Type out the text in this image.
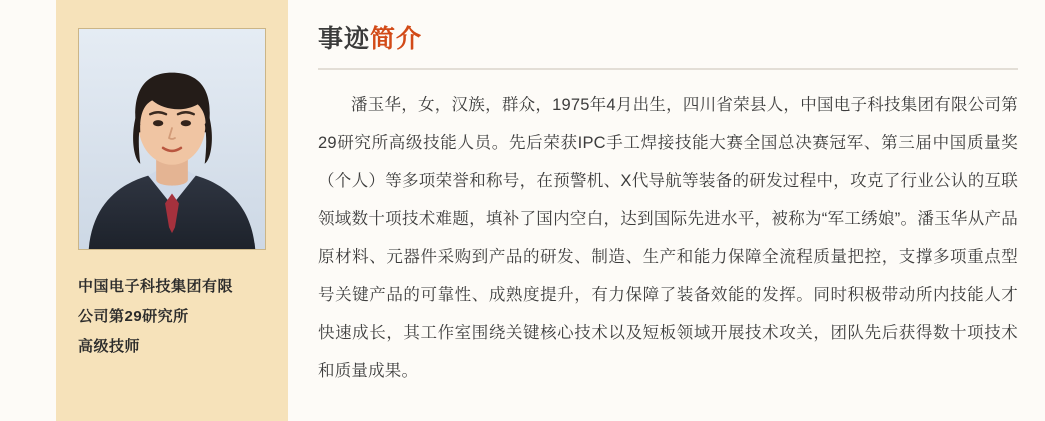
中国电子科技集团有限
公司第29研究所
高级技师
事迹简介

潘玉华，女，汉族，群众，1975年4月出生，四川省荣县人，中国电子科技集团有限公司第29研究所高级技能人员。先后荣获IPC手工焊接技能大赛全国总决赛冠军、第三届中国质量奖（个人）等多项荣誉和称号，在预警机、X代导航等装备的研发过程中，攻克了行业公认的互联领域数十项技术难题，填补了国内空白，达到国际先进水平，被称为“军工绣娘”。潘玉华从产品原材料、元器件采购到产品的研发、制造、生产和能力保障全流程质量把控，支撑多项重点型号关键产品的可靠性、成熟度提升，有力保障了装备效能的发挥。同时积极带动所内技能人才快速成长，其工作室围绕关键核心技术以及短板领域开展技术攻关，团队先后获得数十项技术和质量成果。
